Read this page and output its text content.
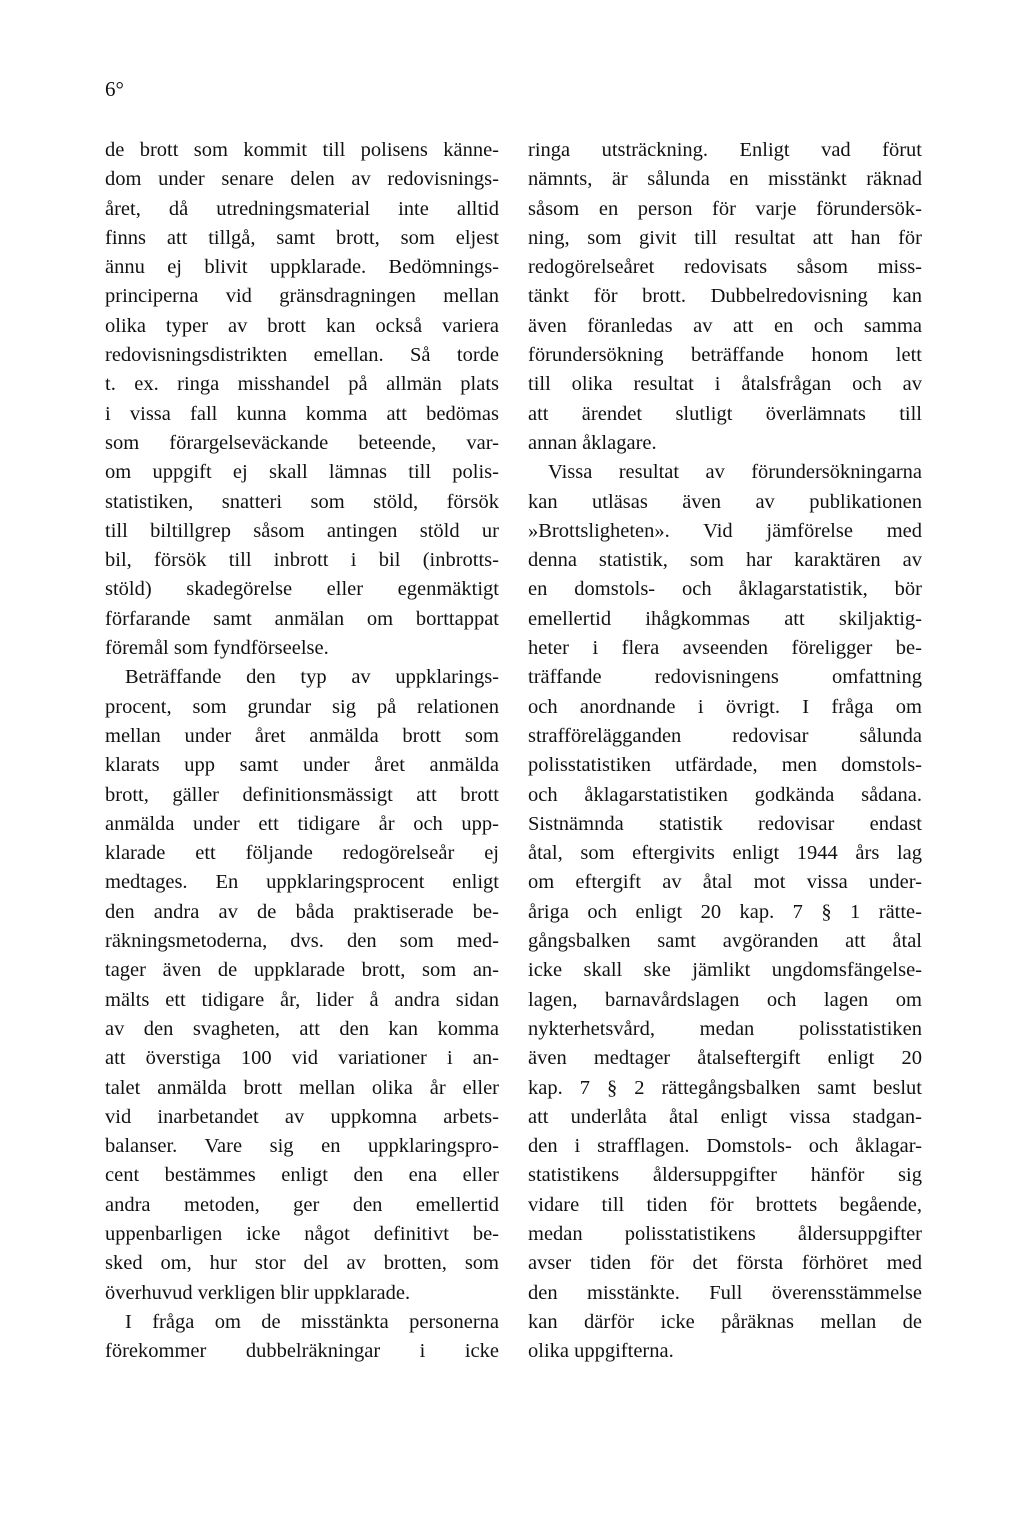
6°
de brott som kommit till polisens känne-
dom under senare delen av redovisnings-
året, då utredningsmaterial inte alltid
finns att tillgå, samt brott, som eljest
ännu ej blivit uppklarade. Bedömnings-
principerna vid gränsdragningen mellan
olika typer av brott kan också variera
redovisningsdistrikten emellan. Så torde
t. ex. ringa misshandel på allmän plats
i vissa fall kunna komma att bedömas
som förargelseväckande beteende, var-
om uppgift ej skall lämnas till polis-
statistiken, snatteri som stöld, försök
till biltillgrep såsom antingen stöld ur
bil, försök till inbrott i bil (inbrotts-
stöld) skadegörelse eller egenmäktigt
förfarande samt anmälan om borttappat
föremål som fyndförseelse.
Beträffande den typ av uppklarings-
procent, som grundar sig på relationen
mellan under året anmälda brott som
klarats upp samt under året anmälda
brott, gäller definitionsmässigt att brott
anmälda under ett tidigare år och upp-
klarade ett följande redogörelseår ej
medtages. En uppklaringsprocent enligt
den andra av de båda praktiserade be-
räkningsmetoderna, dvs. den som med-
tager även de uppklarade brott, som an-
mälts ett tidigare år, lider å andra sidan
av den svagheten, att den kan komma
att överstiga 100 vid variationer i an-
talet anmälda brott mellan olika år eller
vid inarbetandet av uppkomna arbets-
balanser. Vare sig en uppklaringspro-
cent bestämmes enligt den ena eller
andra metoden, ger den emellertid
uppenbarligen icke något definitivt be-
sked om, hur stor del av brotten, som
överhuvud verkligen blir uppklarade.
I fråga om de misstänkta personerna
förekommer dubbelräkningar i icke
ringa utsträckning. Enligt vad förut
nämnts, är sålunda en misstänkt räknad
såsom en person för varje förundersök-
ning, som givit till resultat att han för
redogörelseåret redovisats såsom miss-
tänkt för brott. Dubbelredovisning kan
även föranledas av att en och samma
förundersökning beträffande honom lett
till olika resultat i åtalsfrågan och av
att ärendet slutligt överlämnats till
annan åklagare.
Vissa resultat av förundersökningarna
kan utläsas även av publikationen
»Brottsligheten». Vid jämförelse med
denna statistik, som har karaktären av
en domstols- och åklagarstatistik, bör
emellertid ihågkommas att skiljaktig-
heter i flera avseenden föreligger be-
träffande redovisningens omfattning
och anordnande i övrigt. I fråga om
strafförelägganden redovisar sålunda
polisstatistiken utfärdade, men domstols-
och åklagarstatistiken godkända sådana.
Sistnämnda statistik redovisar endast
åtal, som eftergivits enligt 1944 års lag
om eftergift av åtal mot vissa under-
åriga och enligt 20 kap. 7 § 1 rätte-
gångsbalken samt avgöranden att åtal
icke skall ske jämlikt ungdomsfängelse-
lagen, barnavårdslagen och lagen om
nykterhetsvård, medan polisstatistiken
även medtager åtalseftergift enligt 20
kap. 7 § 2 rättegångsbalken samt beslut
att underlåta åtal enligt vissa stadgan-
den i strafflagen. Domstols- och åklagar-
statistikens åldersuppgifter hänför sig
vidare till tiden för brottets begående,
medan polisstatistikens åldersuppgifter
avser tiden för det första förhöret med
den misstänkte. Full överensstämmelse
kan därför icke påräknas mellan de
olika uppgifterna.
